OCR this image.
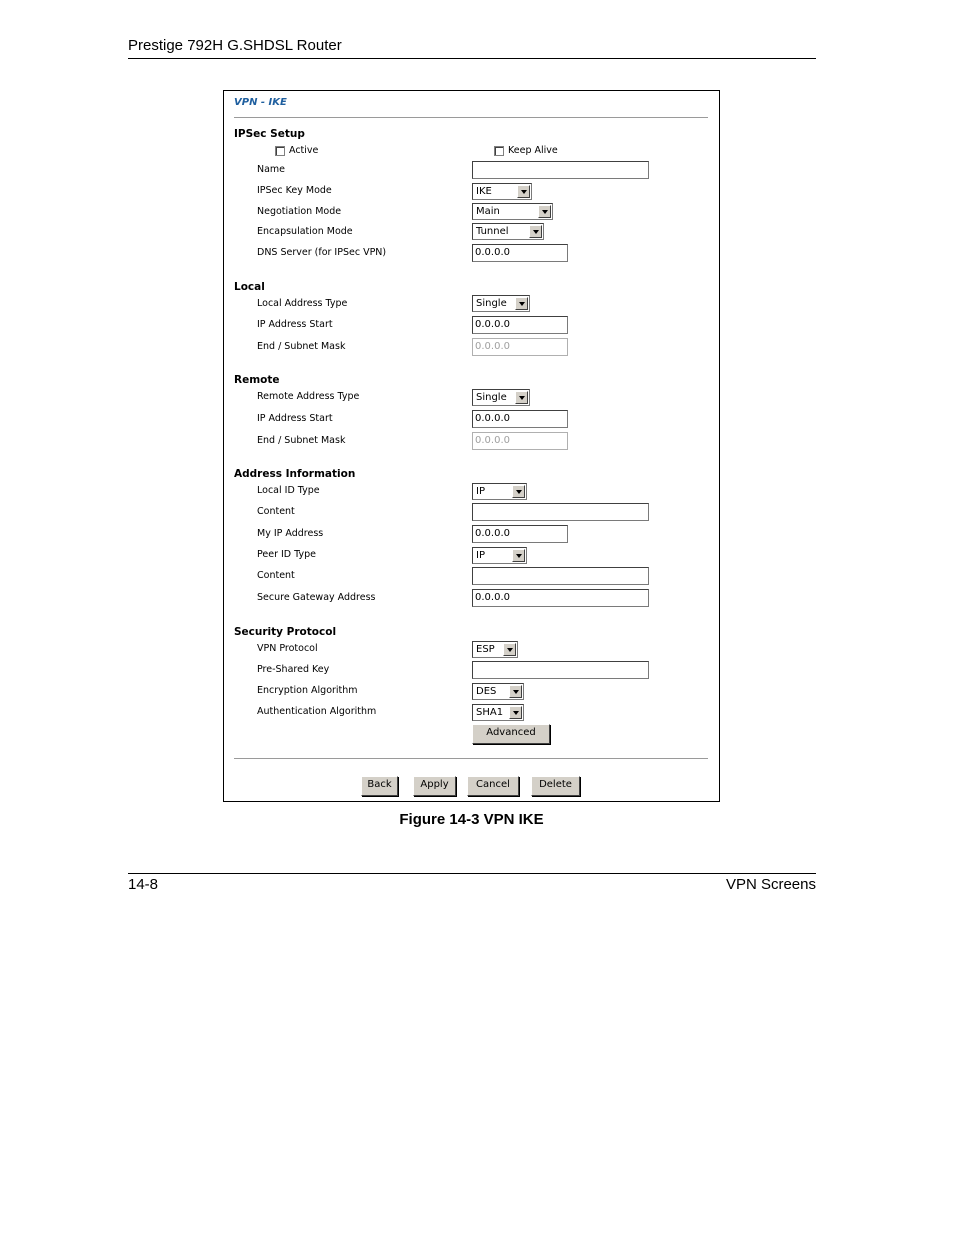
Prestige 792H G.SHDSL Router
VPN - IKE
IPSec Setup
Active	Keep Alive
Name
IPSec Key Mode	IKE
Negotiation Mode	Main
Encapsulation Mode	Tunnel
DNS Server (for IPSec VPN)	0.0.0.0
Local
Local Address Type	Single
IP Address Start	0.0.0.0
End / Subnet Mask	0.0.0.0
Remote
Remote Address Type	Single
IP Address Start	0.0.0.0
End / Subnet Mask	0.0.0.0
Address Information
Local ID Type	IP
Content
My IP Address	0.0.0.0
Peer ID Type	IP
Content
Secure Gateway Address	0.0.0.0
Security Protocol
VPN Protocol	ESP
Pre-Shared Key
Encryption Algorithm	DES
Authentication Algorithm	SHA1
Advanced
Back	Apply	Cancel	Delete
Figure 14-3 VPN IKE
14-8	VPN Screens
